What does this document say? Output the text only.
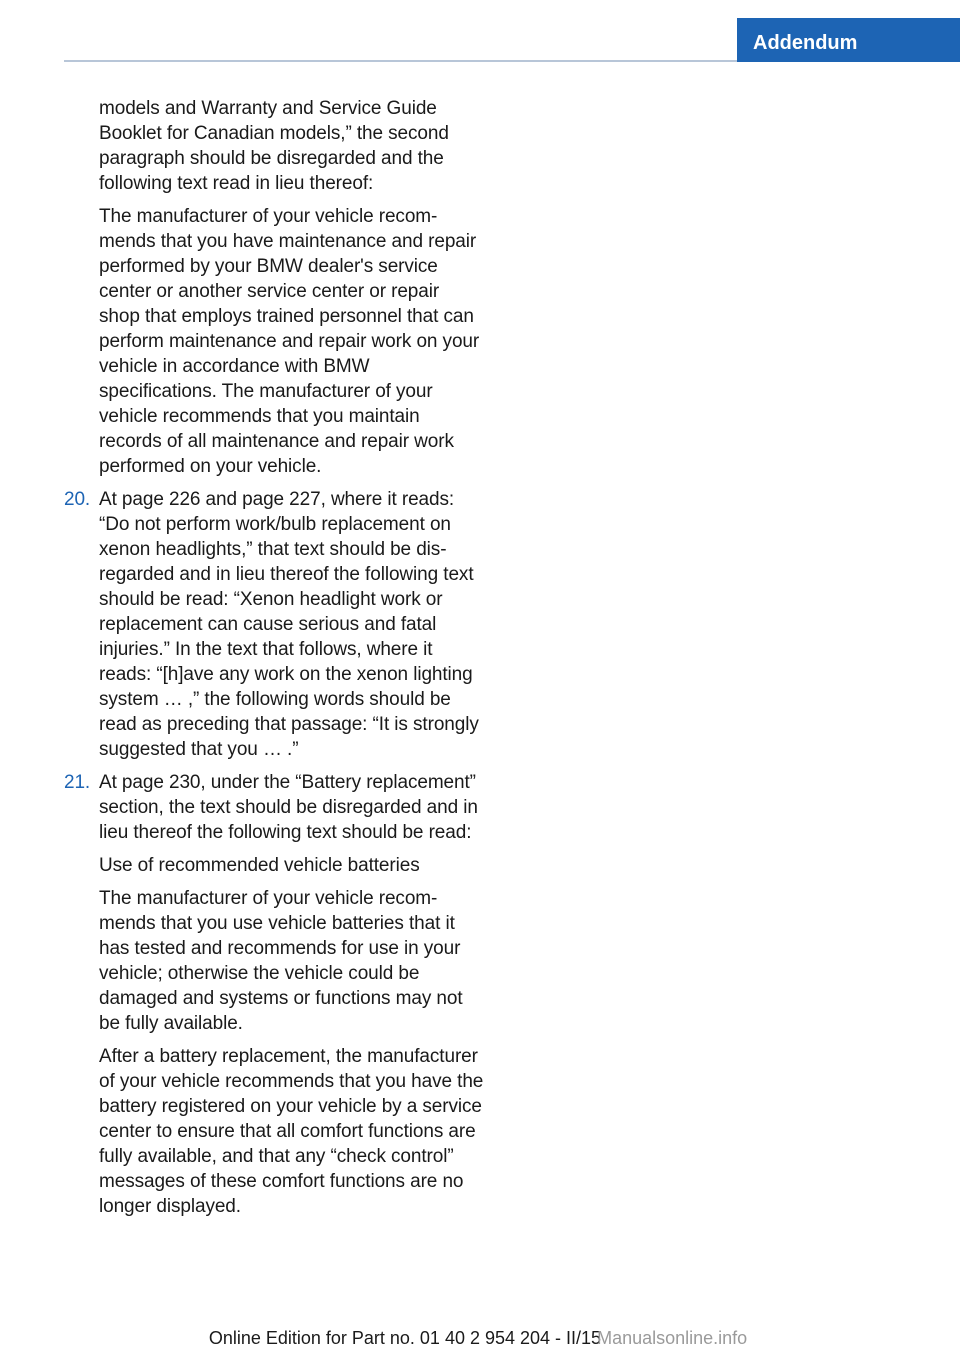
Addendum

models and Warranty and Service Guide Booklet for Canadian models,” the second paragraph should be disregarded and the following text read in lieu thereof:

The manufacturer of your vehicle recommends that you have maintenance and repair performed by your BMW dealer's service center or another service center or repair shop that employs trained personnel that can perform maintenance and repair work on your vehicle in accordance with BMW specifications. The manufacturer of your vehicle recommends that you maintain records of all maintenance and repair work performed on your vehicle.

20. At page 226 and page 227, where it reads: “Do not perform work/bulb replacement on xenon headlights,” that text should be disregarded and in lieu thereof the following text should be read: “Xenon headlight work or replacement can cause serious and fatal injuries.” In the text that follows, where it reads: “[h]ave any work on the xenon lighting system … ,” the following words should be read as preceding that passage: “It is strongly suggested that you … .”

21. At page 230, under the “Battery replacement” section, the text should be disregarded and in lieu thereof the following text should be read:

Use of recommended vehicle batteries

The manufacturer of your vehicle recommends that you use vehicle batteries that it has tested and recommends for use in your vehicle; otherwise the vehicle could be damaged and systems or functions may not be fully available.

After a battery replacement, the manufacturer of your vehicle recommends that you have the battery registered on your vehicle by a service center to ensure that all comfort functions are fully available, and that any “check control” messages of these comfort functions are no longer displayed.

Online Edition for Part no. 01 40 2 954 204 - II/15Manualsonline.info
